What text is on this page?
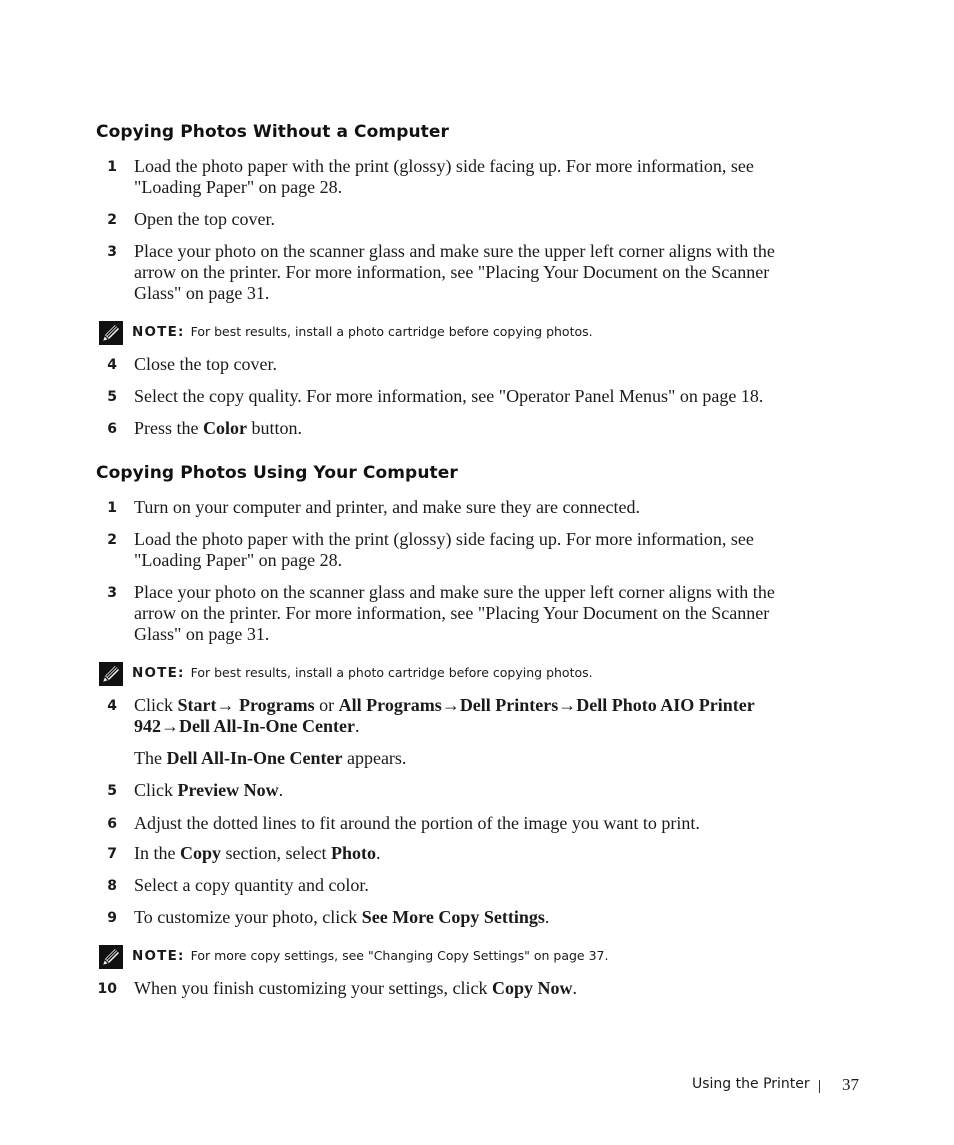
Copying Photos Without a Computer
1 Load the photo paper with the print (glossy) side facing up. For more information, see "Loading Paper" on page 28.
2 Open the top cover.
3 Place your photo on the scanner glass and make sure the upper left corner aligns with the arrow on the printer. For more information, see "Placing Your Document on the Scanner Glass" on page 31.
NOTE: For best results, install a photo cartridge before copying photos.
4 Close the top cover.
5 Select the copy quality. For more information, see "Operator Panel Menus" on page 18.
6 Press the Color button.
Copying Photos Using Your Computer
1 Turn on your computer and printer, and make sure they are connected.
2 Load the photo paper with the print (glossy) side facing up. For more information, see "Loading Paper" on page 28.
3 Place your photo on the scanner glass and make sure the upper left corner aligns with the arrow on the printer. For more information, see "Placing Your Document on the Scanner Glass" on page 31.
NOTE: For best results, install a photo cartridge before copying photos.
4 Click Start→ Programs or All Programs→Dell Printers→Dell Photo AIO Printer 942→Dell All-In-One Center.
The Dell All-In-One Center appears.
5 Click Preview Now.
6 Adjust the dotted lines to fit around the portion of the image you want to print.
7 In the Copy section, select Photo.
8 Select a copy quantity and color.
9 To customize your photo, click See More Copy Settings.
NOTE: For more copy settings, see "Changing Copy Settings" on page 37.
10 When you finish customizing your settings, click Copy Now.
Using the Printer 37
